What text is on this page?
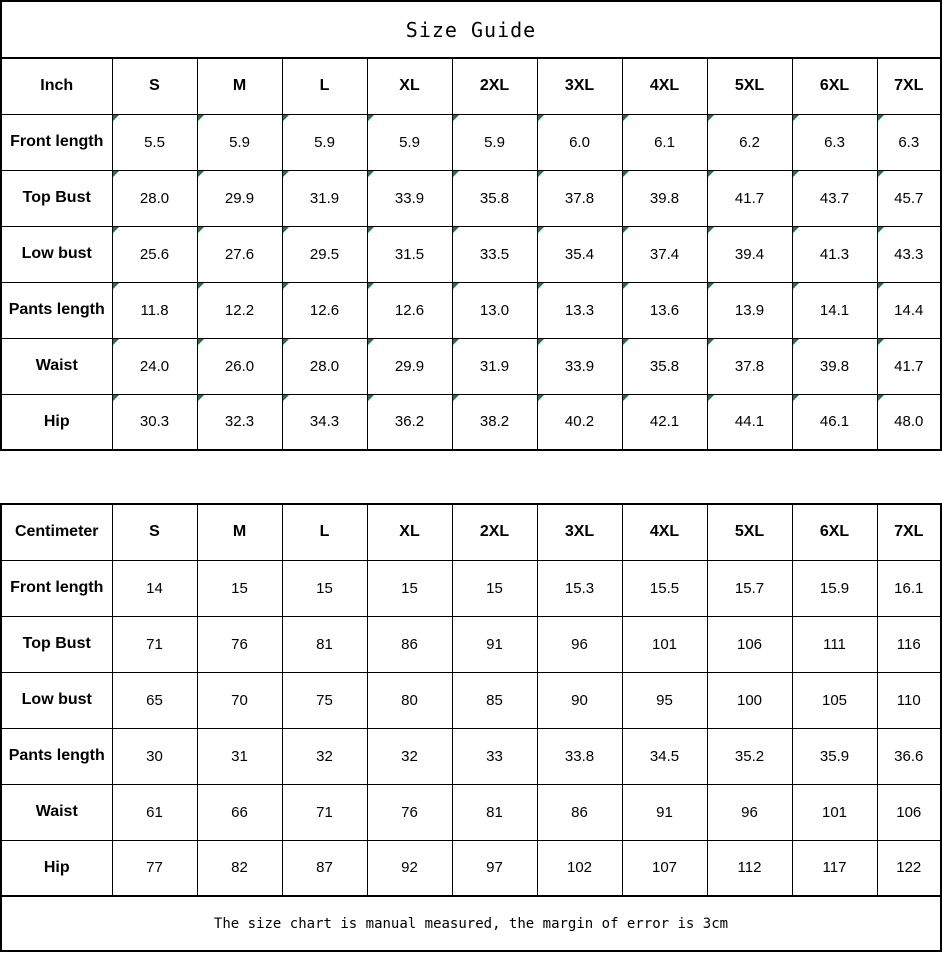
Size Guide
Inch	S	M	L	XL	2XL	3XL	4XL	5XL	6XL	7XL
Front length	5.5	5.9	5.9	5.9	5.9	6.0	6.1	6.2	6.3	6.3
Top Bust	28.0	29.9	31.9	33.9	35.8	37.8	39.8	41.7	43.7	45.7
Low bust	25.6	27.6	29.5	31.5	33.5	35.4	37.4	39.4	41.3	43.3
Pants length	11.8	12.2	12.6	12.6	13.0	13.3	13.6	13.9	14.1	14.4
Waist	24.0	26.0	28.0	29.9	31.9	33.9	35.8	37.8	39.8	41.7
Hip	30.3	32.3	34.3	36.2	38.2	40.2	42.1	44.1	46.1	48.0
Centimeter	S	M	L	XL	2XL	3XL	4XL	5XL	6XL	7XL
Front length	14	15	15	15	15	15.3	15.5	15.7	15.9	16.1
Top Bust	71	76	81	86	91	96	101	106	111	116
Low bust	65	70	75	80	85	90	95	100	105	110
Pants length	30	31	32	32	33	33.8	34.5	35.2	35.9	36.6
Waist	61	66	71	76	81	86	91	96	101	106
Hip	77	82	87	92	97	102	107	112	117	122
The size chart is manual measured, the margin of error is 3cm
